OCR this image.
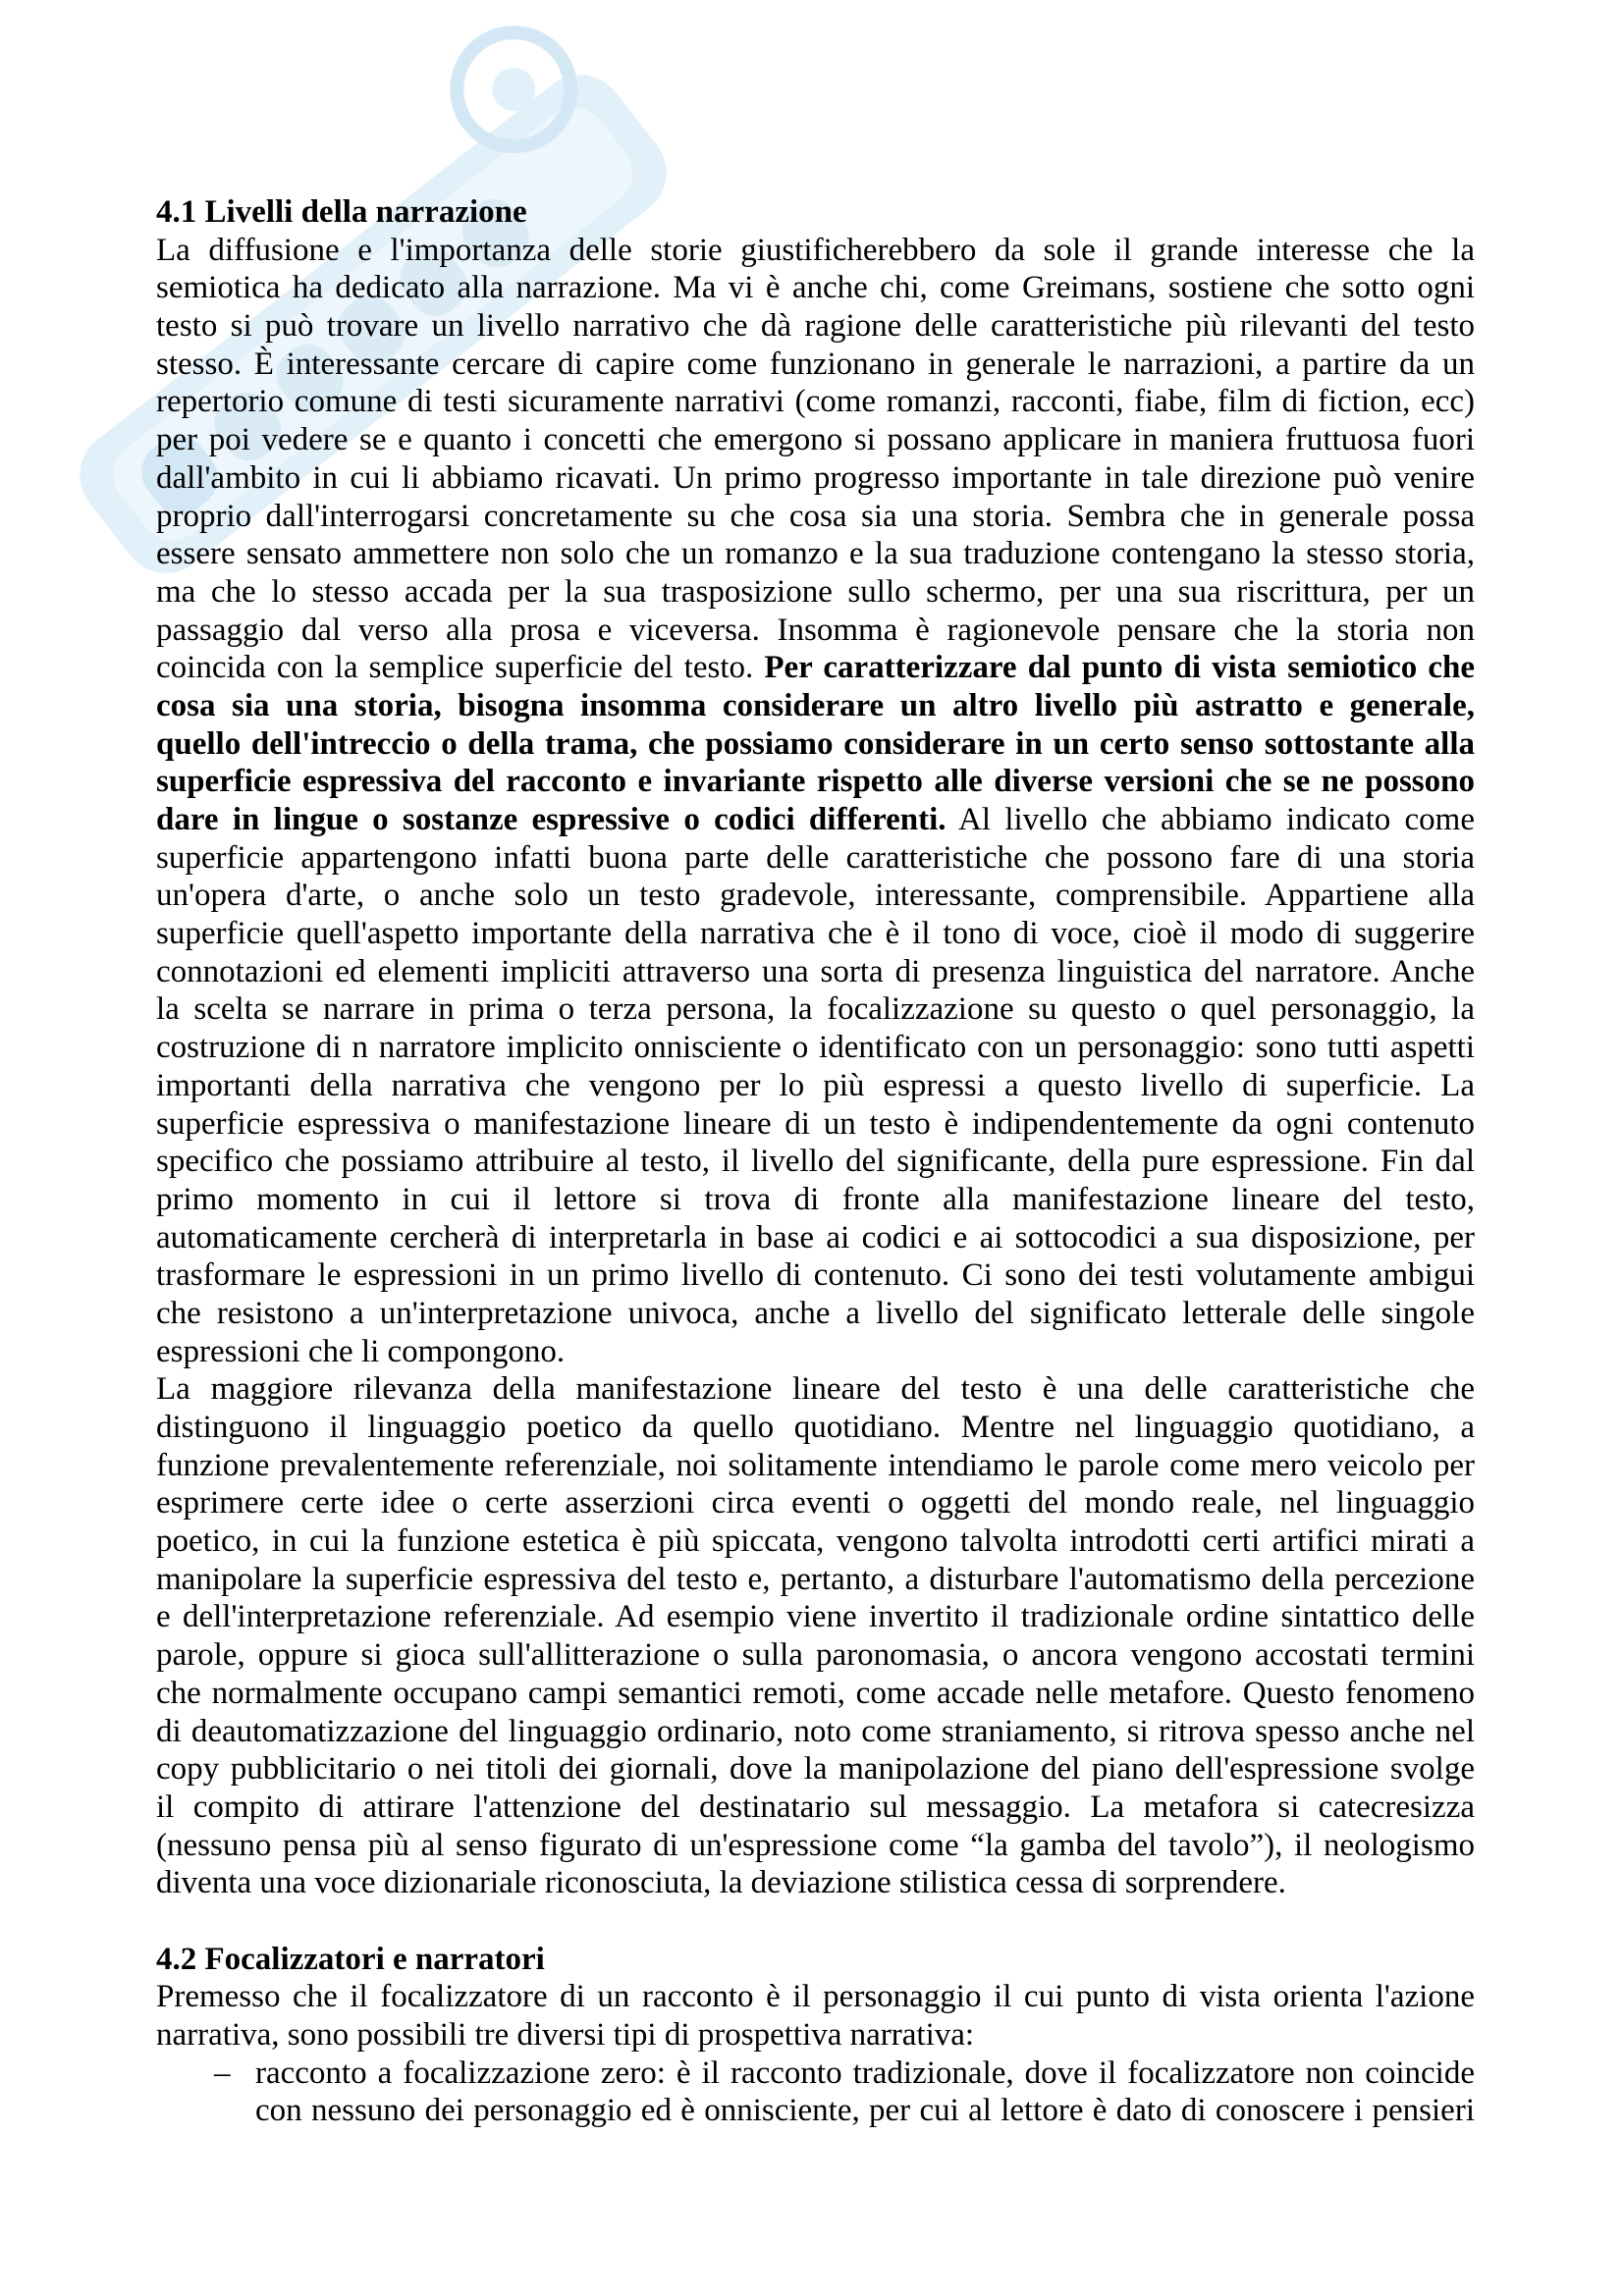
4.1 Livelli della narrazione
La diffusione e l'importanza delle storie giustificherebbero da sole il grande interesse che la
semiotica ha dedicato alla narrazione. Ma vi è anche chi, come Greimans, sostiene che sotto ogni
testo si può trovare un livello narrativo che dà ragione delle caratteristiche più rilevanti del testo
stesso. È interessante cercare di capire come funzionano in generale le narrazioni, a partire da un
repertorio comune di testi sicuramente narrativi (come romanzi, racconti, fiabe, film di fiction, ecc)
per poi vedere se e quanto i concetti che emergono si possano applicare in maniera fruttuosa fuori
dall'ambito in cui li abbiamo ricavati. Un primo progresso importante in tale direzione può venire
proprio dall'interrogarsi concretamente su che cosa sia una storia. Sembra che in generale possa
essere sensato ammettere non solo che un romanzo e la sua traduzione contengano la stesso storia,
ma che lo stesso accada per la sua trasposizione sullo schermo, per una sua riscrittura, per un
passaggio dal verso alla prosa e viceversa. Insomma è ragionevole pensare che la storia non
coincida con la semplice superficie del testo. Per caratterizzare dal punto di vista semiotico che
cosa sia una storia, bisogna insomma considerare un altro livello più astratto e generale,
quello dell'intreccio o della trama, che possiamo considerare in un certo senso sottostante alla
superficie espressiva del racconto e invariante rispetto alle diverse versioni che se ne possono
dare in lingue o sostanze espressive o codici differenti. Al livello che abbiamo indicato come
superficie appartengono infatti buona parte delle caratteristiche che possono fare di una storia
un'opera d'arte, o anche solo un testo gradevole, interessante, comprensibile. Appartiene alla
superficie quell'aspetto importante della narrativa che è il tono di voce, cioè il modo di suggerire
connotazioni ed elementi impliciti attraverso una sorta di presenza linguistica del narratore. Anche
la scelta se narrare in prima o terza persona, la focalizzazione su questo o quel personaggio, la
costruzione di n narratore implicito onnisciente o identificato con un personaggio: sono tutti aspetti
importanti della narrativa che vengono per lo più espressi a questo livello di superficie. La
superficie espressiva o manifestazione lineare di un testo è indipendentemente da ogni contenuto
specifico che possiamo attribuire al testo, il livello del significante, della pure espressione. Fin dal
primo momento in cui il lettore si trova di fronte alla manifestazione lineare del testo,
automaticamente cercherà di interpretarla in base ai codici e ai sottocodici a sua disposizione, per
trasformare le espressioni in un primo livello di contenuto. Ci sono dei testi volutamente ambigui
che resistono a un'interpretazione univoca, anche a livello del significato letterale delle singole
espressioni che li compongono.
La maggiore rilevanza della manifestazione lineare del testo è una delle caratteristiche che
distinguono il linguaggio poetico da quello quotidiano. Mentre nel linguaggio quotidiano, a
funzione prevalentemente referenziale, noi solitamente intendiamo le parole come mero veicolo per
esprimere certe idee o certe asserzioni circa eventi o oggetti del mondo reale, nel linguaggio
poetico, in cui la funzione estetica è più spiccata, vengono talvolta introdotti certi artifici mirati a
manipolare la superficie espressiva del testo e, pertanto, a disturbare l'automatismo della percezione
e dell'interpretazione referenziale. Ad esempio viene invertito il tradizionale ordine sintattico delle
parole, oppure si gioca sull'allitterazione o sulla paronomasia, o ancora vengono accostati termini
che normalmente occupano campi semantici remoti, come accade nelle metafore. Questo fenomeno
di deautomatizzazione del linguaggio ordinario, noto come straniamento, si ritrova spesso anche nel
copy pubblicitario o nei titoli dei giornali, dove la manipolazione del piano dell'espressione svolge
il compito di attirare l'attenzione del destinatario sul messaggio. La metafora si catecresizza
(nessuno pensa più al senso figurato di un'espressione come “la gamba del tavolo”), il neologismo
diventa una voce dizionariale riconosciuta, la deviazione stilistica cessa di sorprendere.
4.2 Focalizzatori e narratori
Premesso che il focalizzatore di un racconto è il personaggio il cui punto di vista orienta l'azione
narrativa, sono possibili tre diversi tipi di prospettiva narrativa:
– racconto a focalizzazione zero: è il racconto tradizionale, dove il focalizzatore non coincide
con nessuno dei personaggio ed è onnisciente, per cui al lettore è dato di conoscere i pensieri
